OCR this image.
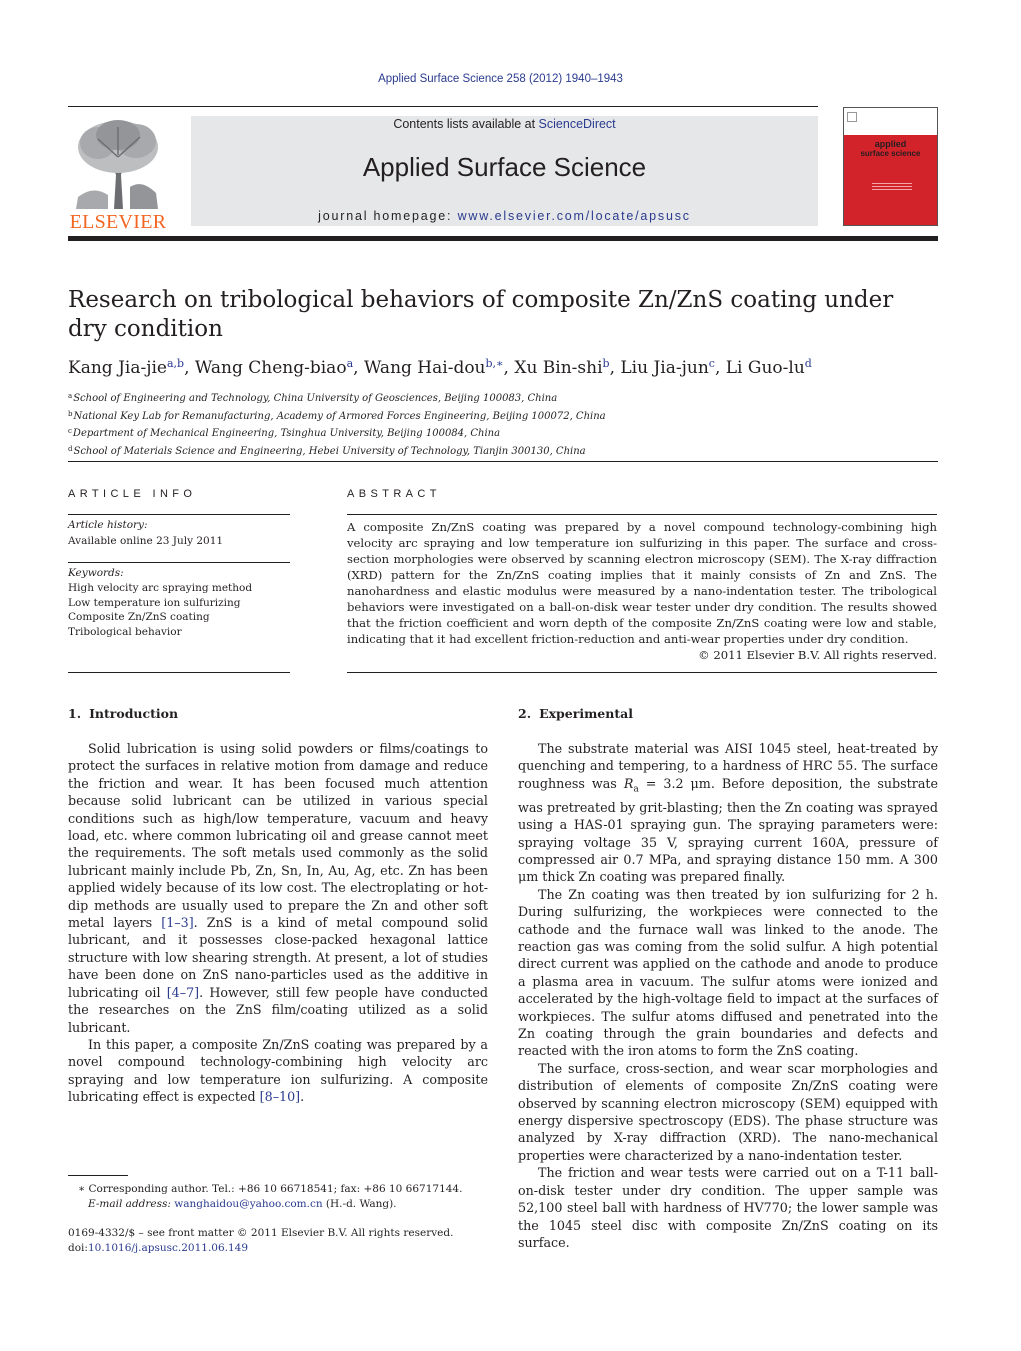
Applied Surface Science 258 (2012) 1940–1943
ELSEVIER
Contents lists available at ScienceDirect
Applied Surface Science
journal homepage: www.elsevier.com/locate/apsusc
applied
surface science
Research on tribological behaviors of composite Zn/ZnS coating under dry condition
Kang Jia-jie$^{a,b}$, Wang Cheng-biao$^a$, Wang Hai-dou$^{b,∗}$, Xu Bin-shi$^b$, Liu Jia-jun$^c$, Li Guo-$lu^d$
$^a$School of Engineering and Technology, China University of Geosciences, Beijing 100083, China
$^b$National Key Lab for Remanufacturing, Academy of Armored Forces Engineering, Beijing 100072, China
$^c$Department of Mechanical Engineering, Tsinghua University, Beijing 100084, China
$^d$School of Materials Science and Engineering, Hebei University of Technology, Tianjin 300130, China
ARTICLE INFO
Article history:
Available online 23 July 2011
Keywords:
High velocity arc spraying method
Low temperature ion sulfurizing
Composite Zn/ZnS coating
Tribological behavior
ABSTRACT
A composite Zn/ZnS coating was prepared by a novel compound technology-combining high velocity arc spraying and low temperature ion sulfurizing in this paper. The surface and cross-section morphologies were observed by scanning electron microscopy (SEM). The X-ray diffraction (XRD) pattern for the Zn/ZnS coating implies that it mainly consists of Zn and ZnS. The nanohardness and elastic modulus were measured by a nano-indentation tester. The tribological behaviors were investigated on a ball-on-disk wear tester under dry condition. The results showed that the friction coefficient and worn depth of the composite Zn/ZnS coating were low and stable, indicating that it had excellent friction-reduction and anti-wear properties under dry condition.
© 2011 Elsevier B.V. All rights reserved.
1. Introduction

Solid lubrication is using solid powders or films/coatings to protect the surfaces in relative motion from damage and reduce the friction and wear. It has been focused much attention because solid lubricant can be utilized in various special conditions such as high/low temperature, vacuum and heavy load, etc. where common lubricating oil and grease cannot meet the requirements. The soft metals used commonly as the solid lubricant mainly include Pb, Zn, Sn, In, Au, Ag, etc. Zn has been applied widely because of its low cost. The electroplating or hot-dip methods are usually used to prepare the Zn and other soft metal layers [1–3]. ZnS is a kind of metal compound solid lubricant, and it possesses close-packed hexagonal lattice structure with low shearing strength. At present, a lot of studies have been done on ZnS nano-particles used as the additive in lubricating oil [4–7]. However, still few people have conducted the researches on the ZnS film/coating utilized as a solid lubricant.

In this paper, a composite Zn/ZnS coating was prepared by a novel compound technology-combining high velocity arc spraying and low temperature ion sulfurizing. A composite lubricating effect is expected [8–10].

2. Experimental

The substrate material was AISI 1045 steel, heat-treated by quenching and tempering, to a hardness of HRC 55. The surface roughness was $R_a = 3.2$ μm. Before deposition, the substrate was pretreated by grit-blasting; then the Zn coating was sprayed using a HAS-01 spraying gun. The spraying parameters were: spraying voltage 35 V, spraying current 160A, pressure of compressed air 0.7 MPa, and spraying distance 150 mm. A 300 μm thick Zn coating was prepared finally.

The Zn coating was then treated by ion sulfurizing for 2 h. During sulfurizing, the workpieces were connected to the cathode and the furnace wall was linked to the anode. The reaction gas was coming from the solid sulfur. A high potential direct current was applied on the cathode and anode to produce a plasma area in vacuum. The sulfur atoms were ionized and accelerated by the high-voltage field to impact at the surfaces of workpieces. The sulfur atoms diffused and penetrated into the Zn coating through the grain boundaries and defects and reacted with the iron atoms to form the ZnS coating.

The surface, cross-section, and wear scar morphologies and distribution of elements of composite Zn/ZnS coating were observed by scanning electron microscopy (SEM) equipped with energy dispersive spectroscopy (EDS). The phase structure was analyzed by X-ray diffraction (XRD). The nano-mechanical properties were characterized by a nano-indentation tester.

The friction and wear tests were carried out on a T-11 ball-on-disk tester under dry condition. The upper sample was 52,100 steel ball with hardness of HV770; the lower sample was the 1045 steel disc with composite Zn/ZnS coating on its surface.

∗ Corresponding author. Tel.: +86 10 66718541; fax: +86 10 66717144.
E-mail address: wanghaidou@yahoo.com.cn (H.-d. Wang).
0169-4332/$ – see front matter © 2011 Elsevier B.V. All rights reserved.
doi:10.1016/j.apsusc.2011.06.149
